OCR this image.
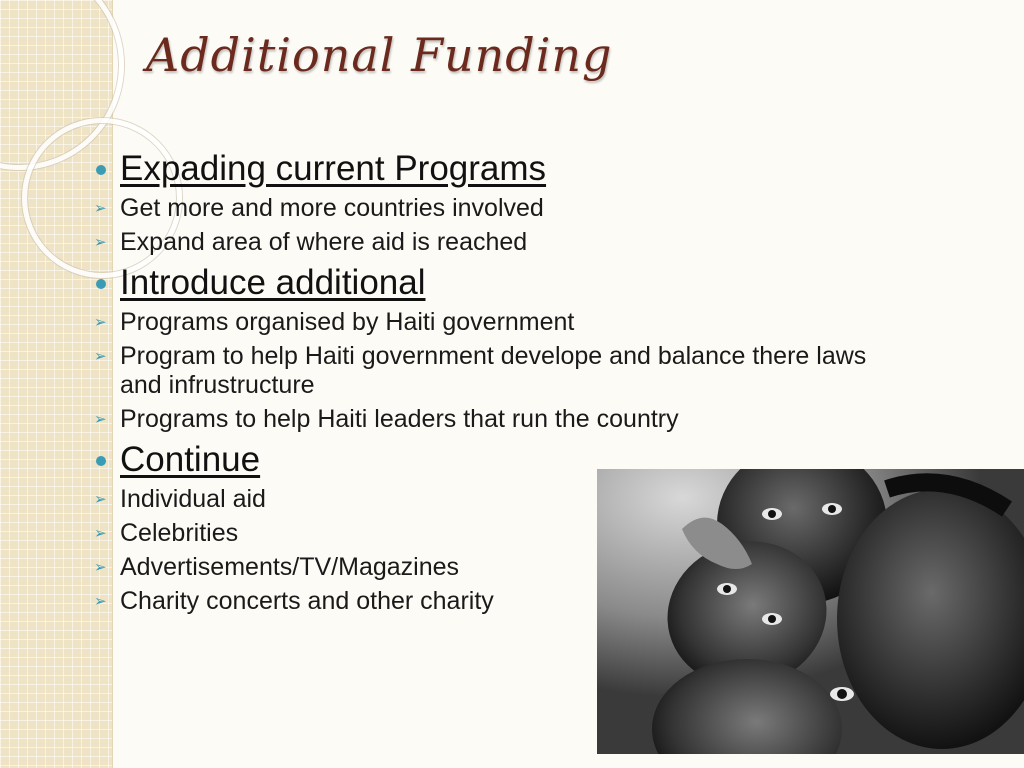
Additional Funding
Expading current Programs
➢ Get more and more countries involved
➢ Expand area of where aid is reached
Introduce additional
➢ Programs organised by Haiti government
➢ Program to help Haiti government develope and balance there laws and infrustructure
➢ Programs to help Haiti leaders that run the country
Continue
➢ Individual aid
➢ Celebrities
➢ Advertisements/TV/Magazines
➢ Charity concerts and other charity
